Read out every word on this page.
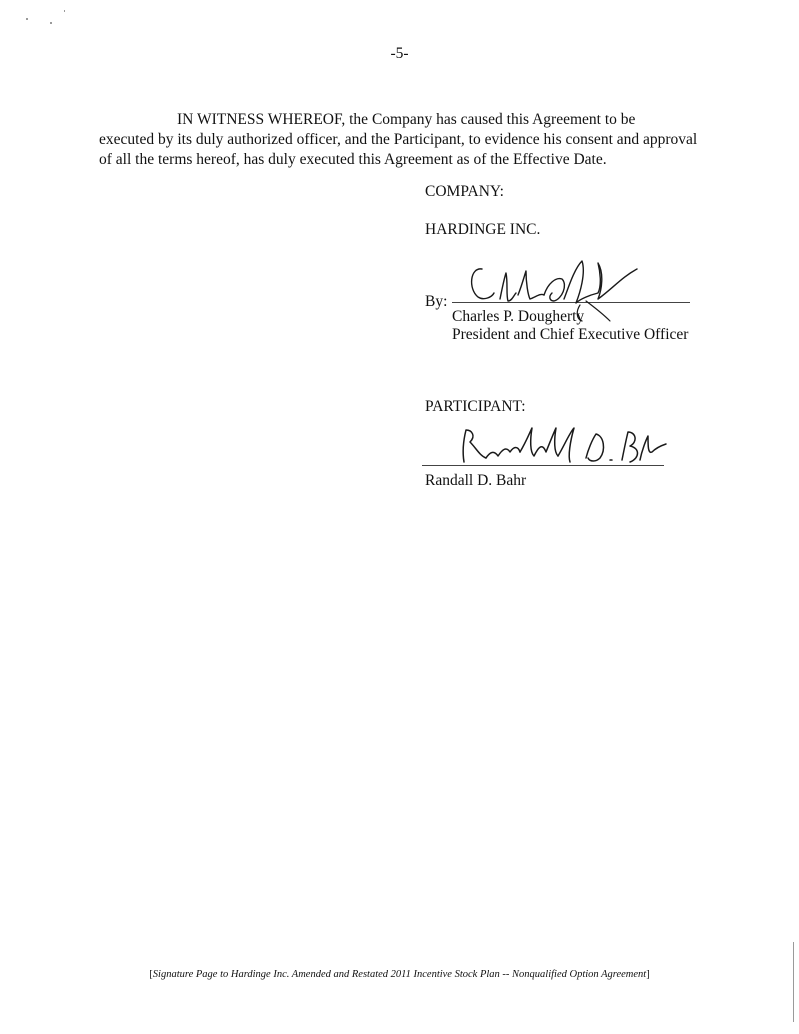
-5-

IN WITNESS WHEREOF, the Company has caused this Agreement to be
executed by its duly authorized officer, and the Participant, to evidence his consent and approval
of all the terms hereof, has duly executed this Agreement as of the Effective Date.

COMPANY:
HARDINGE INC.
By:
Charles P. Dougherty
President and Chief Executive Officer
PARTICIPANT:
Randall D. Bahr
[Signature Page to Hardinge Inc. Amended and Restated 2011 Incentive Stock Plan -- Nonqualified Option Agreement]
